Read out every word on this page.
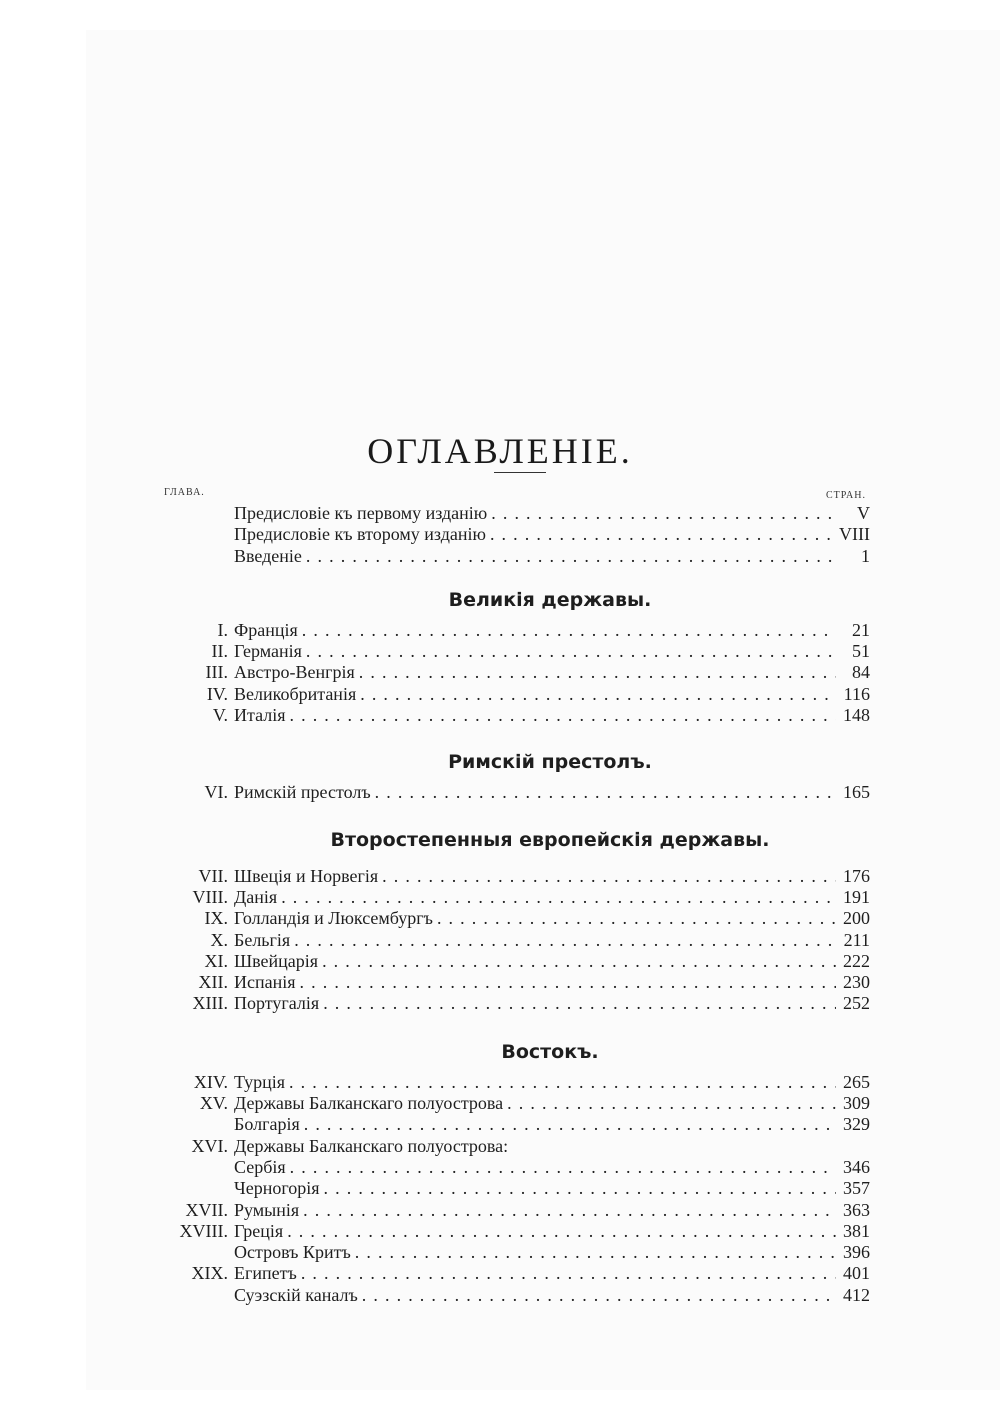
ОГЛАВЛЕНІЕ.
ГЛАВА.	СТРАН.
Предисловіе къ первому изданію . . .	V
Предисловіе къ второму изданію . . .	VIII
Введеніе . . .	1
Великія державы.
I. Франція . . .	21
II. Германія . . .	51
III. Австро-Венгрія . . .	84
IV. Великобританія . . .	116
V. Италія . . .	148
Римскій престолъ.
VI. Римскій престолъ . . .	165
Второстепенныя европейскія державы.
VII. Швеція и Норвегія . . .	176
VIII. Данія . . .	191
IX. Голландія и Люксембургъ . . .	200
X. Бельгія . . .	211
XI. Швейцарія . . .	222
XII. Испанія . . .	230
XIII. Португалія . . .	252
Востокъ.
XIV. Турція . . .	265
XV. Державы Балканскаго полуострова . . .	309
Болгарія . . .	329
XVI. Державы Балканскаго полуострова:
Сербія . . .	346
Черногорія . . .	357
XVII. Румынія . . .	363
XVIII. Греція . . .	381
Островъ Критъ . . .	396
XIX. Египетъ . . .	401
Суэзскій каналъ . . .	412
